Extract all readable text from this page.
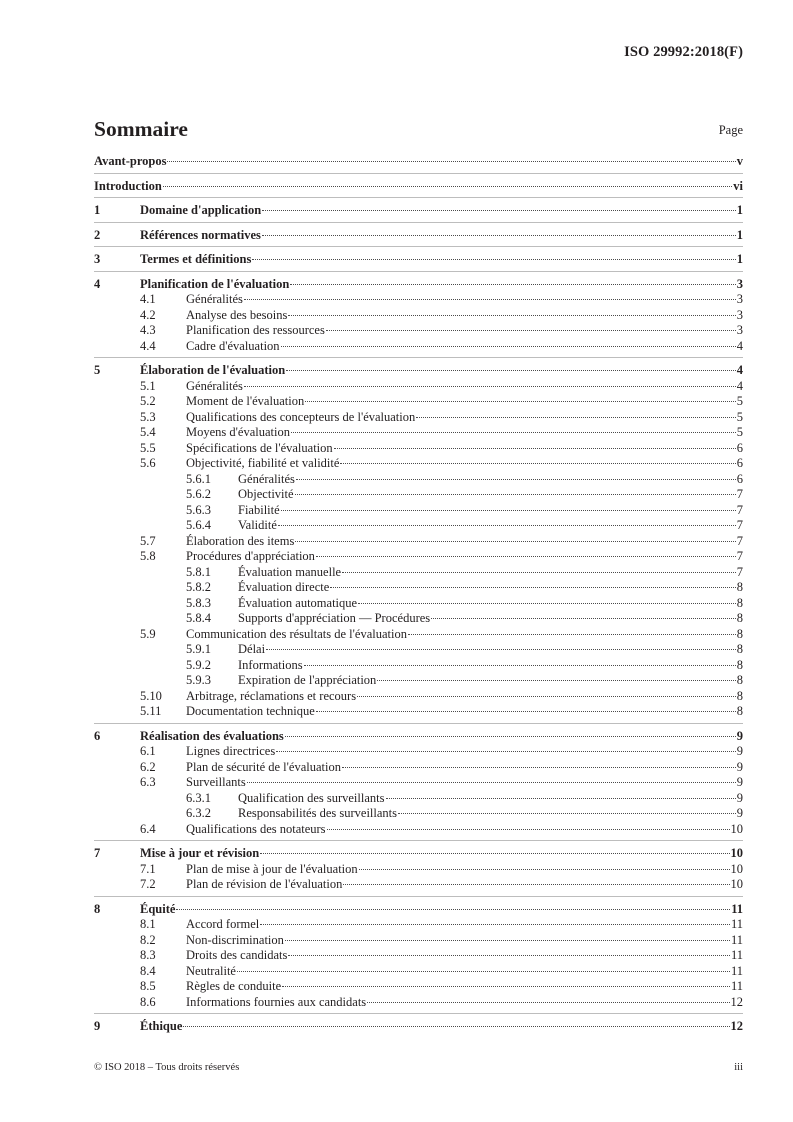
ISO 29992:2018(F)
Sommaire	Page
Avant-propos	v
Introduction	vi
1	Domaine d'application	1
2	Références normatives	1
3	Termes et définitions	1
4	Planification de l'évaluation	3
4.1 Généralités	3
4.2 Analyse des besoins	3
4.3 Planification des ressources	3
4.4 Cadre d'évaluation	4
5	Élaboration de l'évaluation	4
5.1 Généralités	4
5.2 Moment de l'évaluation	5
5.3 Qualifications des concepteurs de l'évaluation	5
5.4 Moyens d'évaluation	5
5.5 Spécifications de l'évaluation	6
5.6 Objectivité, fiabilité et validité	6
5.6.1 Généralités	6
5.6.2 Objectivité	7
5.6.3 Fiabilité	7
5.6.4 Validité	7
5.7 Élaboration des items	7
5.8 Procédures d'appréciation	7
5.8.1 Évaluation manuelle	7
5.8.2 Évaluation directe	8
5.8.3 Évaluation automatique	8
5.8.4 Supports d'appréciation — Procédures	8
5.9 Communication des résultats de l'évaluation	8
5.9.1 Délai	8
5.9.2 Informations	8
5.9.3 Expiration de l'appréciation	8
5.10 Arbitrage, réclamations et recours	8
5.11 Documentation technique	8
6	Réalisation des évaluations	9
6.1 Lignes directrices	9
6.2 Plan de sécurité de l'évaluation	9
6.3 Surveillants	9
6.3.1 Qualification des surveillants	9
6.3.2 Responsabilités des surveillants	9
6.4 Qualifications des notateurs	10
7	Mise à jour et révision	10
7.1 Plan de mise à jour de l'évaluation	10
7.2 Plan de révision de l'évaluation	10
8	Équité	11
8.1 Accord formel	11
8.2 Non-discrimination	11
8.3 Droits des candidats	11
8.4 Neutralité	11
8.5 Règles de conduite	11
8.6 Informations fournies aux candidats	12
9	Éthique	12
© ISO 2018 – Tous droits réservés	iii
